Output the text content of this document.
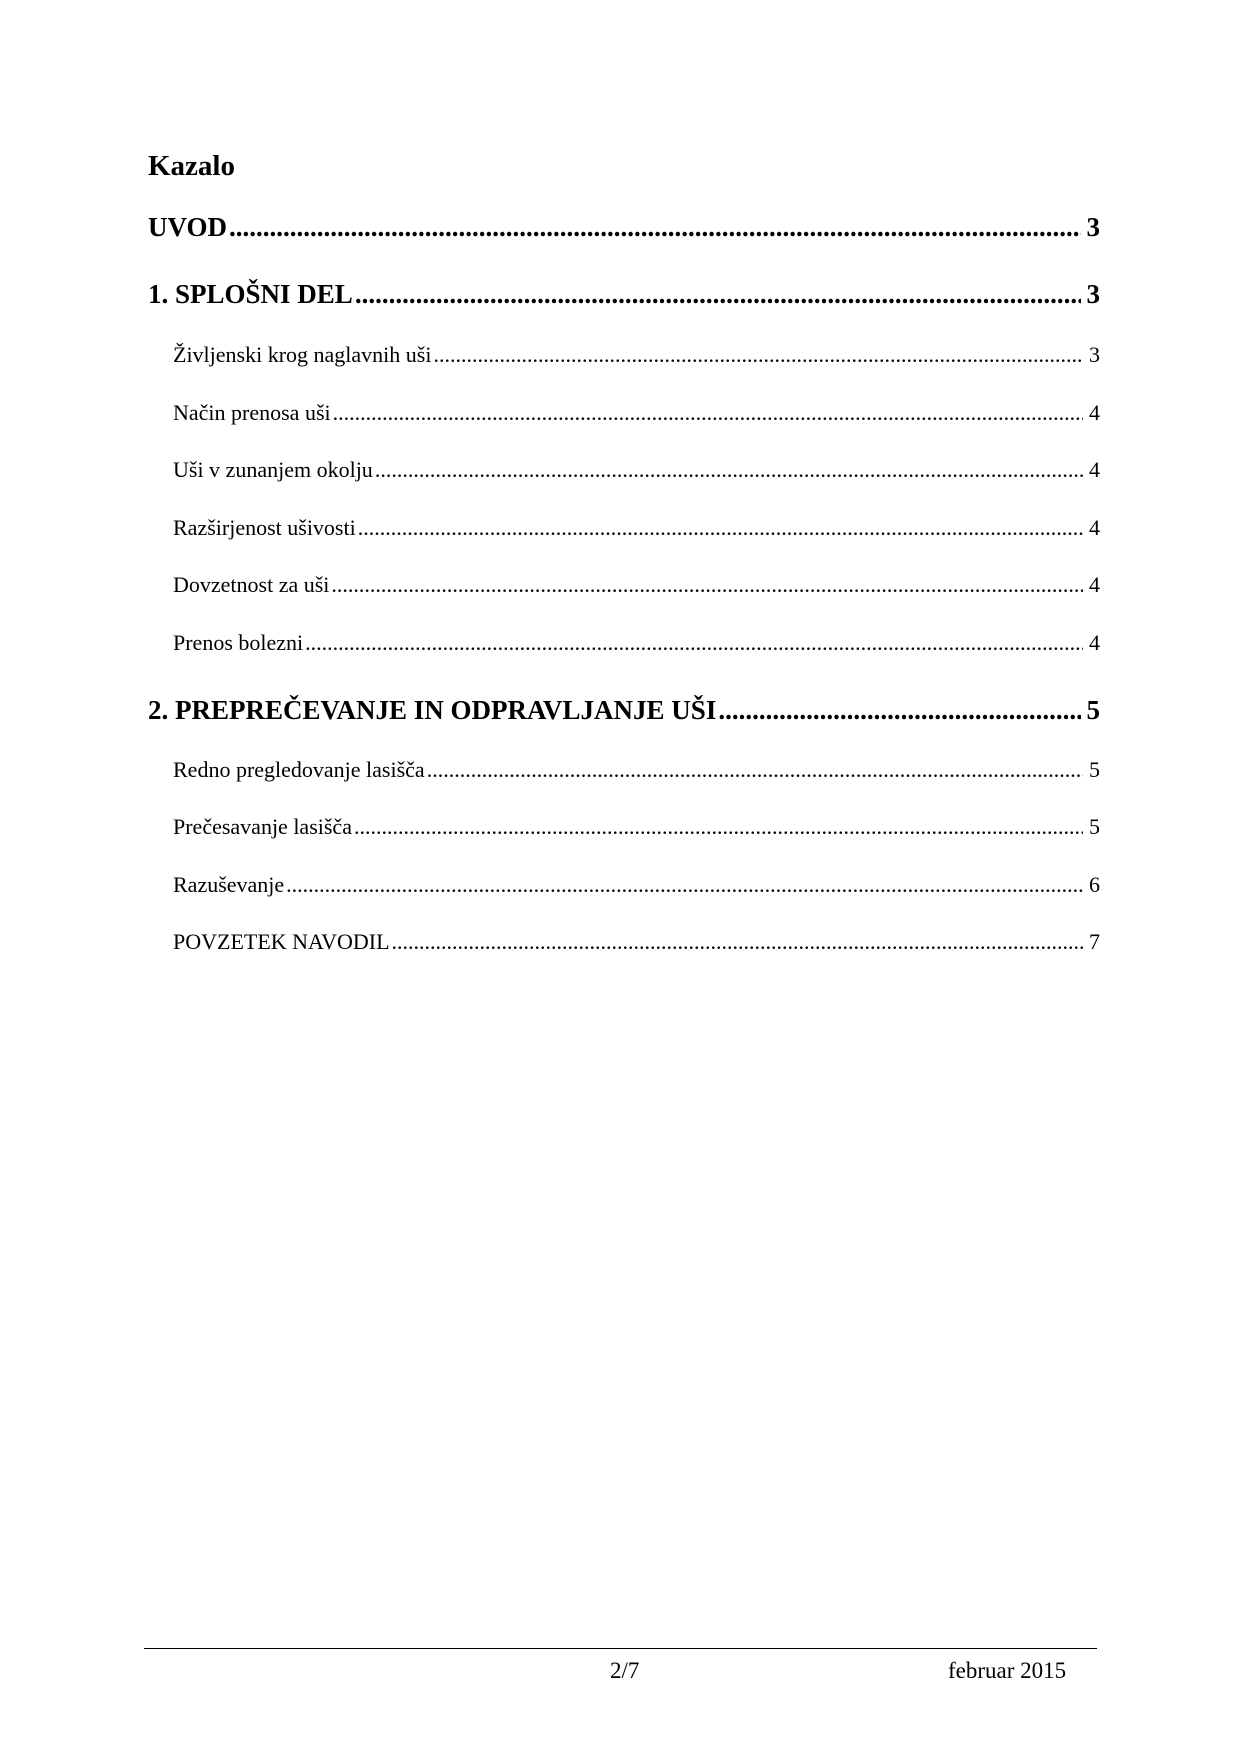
Kazalo
UVOD .....	3
1. SPLOŠNI DEL .....	3
Življenski krog naglavnih uši .....	3
Način prenosa uši .....	4
Uši v zunanjem okolju .....	4
Razširjenost ušivosti .....	4
Dovzetnost za uši .....	4
Prenos bolezni .....	4
2. PREPREČEVANJE IN ODPRAVLJANJE UŠI .....	5
Redno pregledovanje lasišča .....	5
Prečesavanje lasišča .....	5
Razuševanje .....	6
POVZETEK NAVODIL .....	7
2/7	februar 2015
